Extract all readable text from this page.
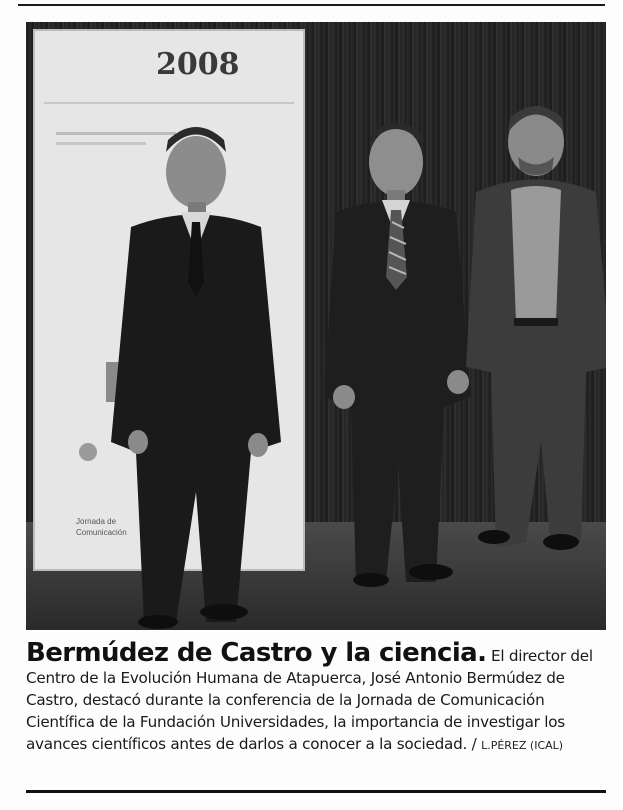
2008
Jornada de
Comunicación
Bermúdez de Castro y la ciencia. El director del Centro de la Evolución Humana de Atapuerca, José Antonio Bermúdez de Castro, destacó durante la conferencia de la Jornada de Comunicación Científica de la Fundación Universidades, la importancia de investigar los avances científicos antes de darlos a conocer a la sociedad. / L.PÉREZ (ICAL)
